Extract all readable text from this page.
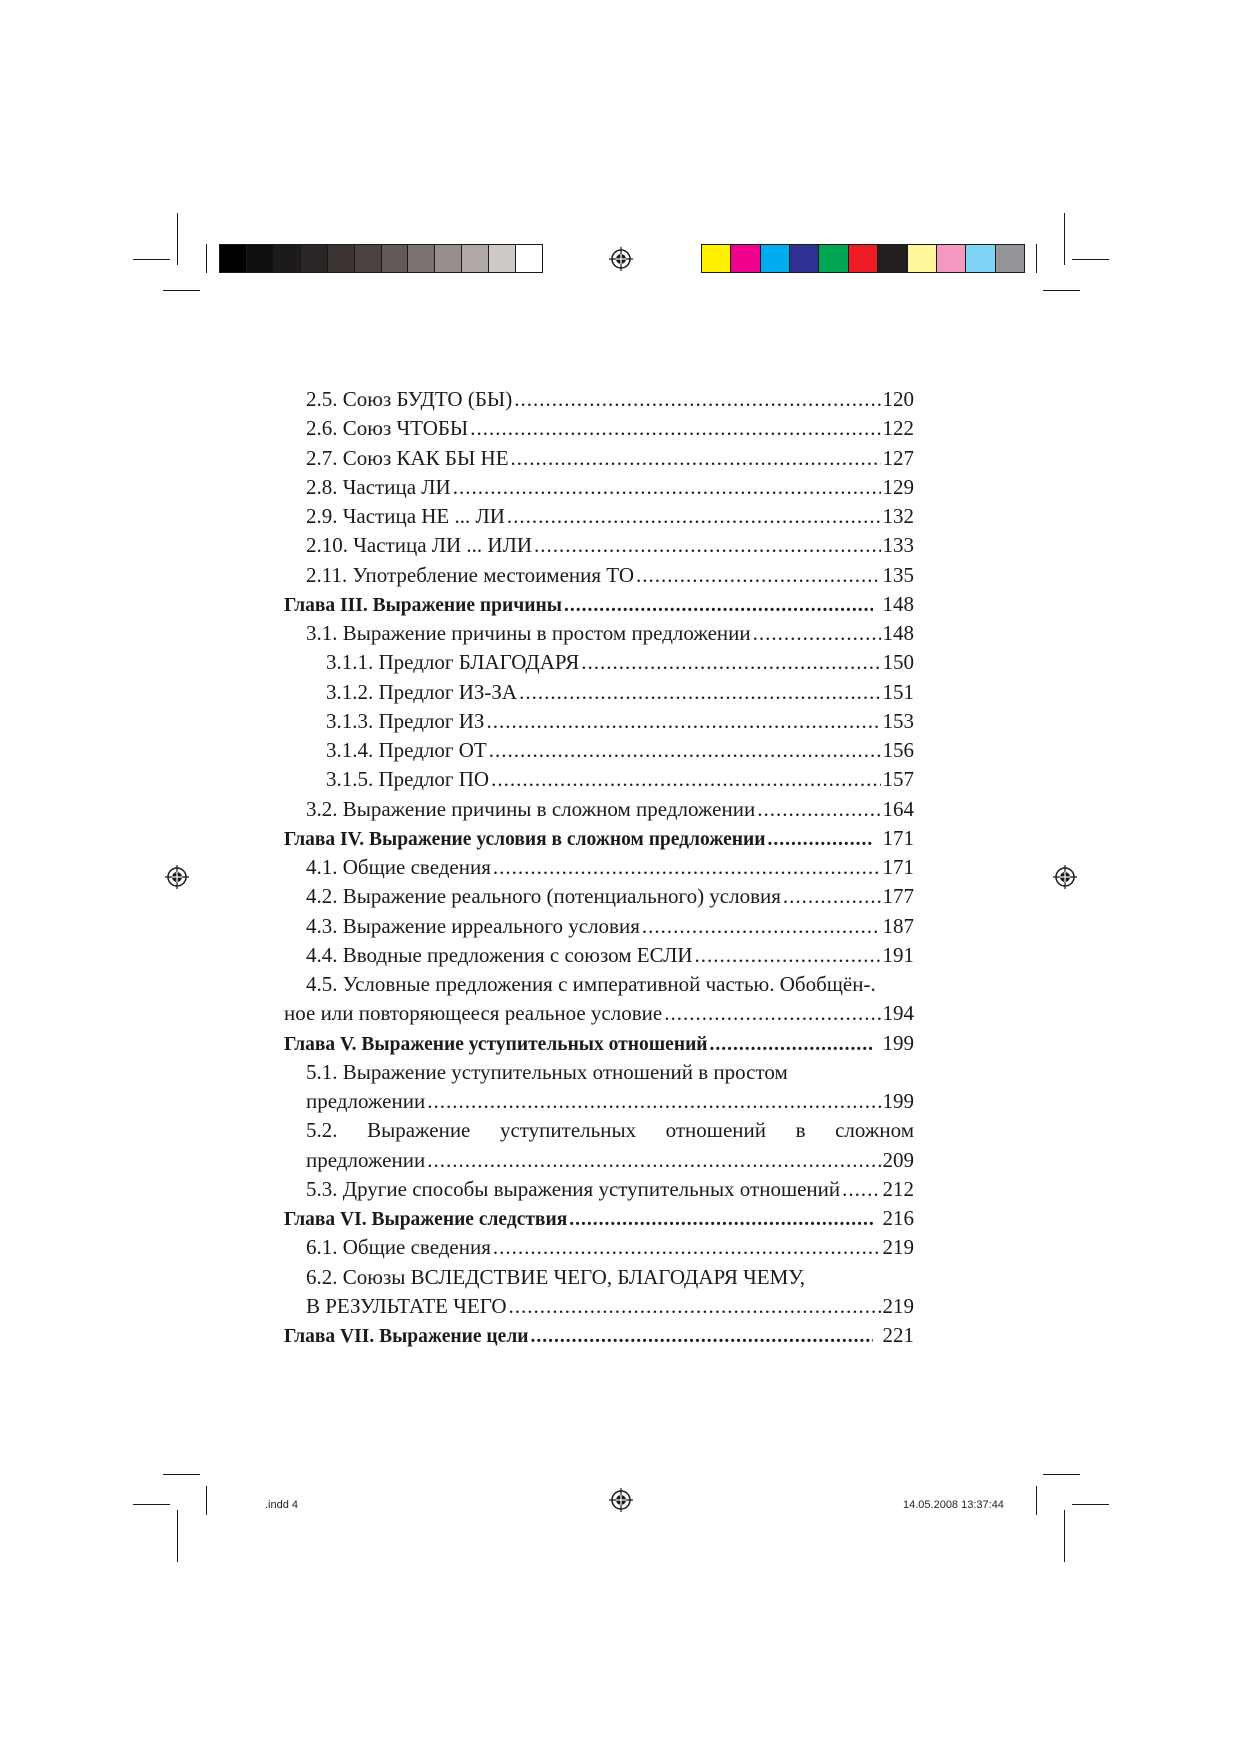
2.5. Союз БУДТО (БЫ) .....	120
2.6. Союз ЧТОБЫ .....	122
2.7. Союз КАК БЫ НЕ .....	127
2.8. Частица ЛИ .....	129
2.9. Частица НЕ ... ЛИ .....	132
2.10. Частица ЛИ ... ИЛИ .....	133
2.11. Употребление местоимения ТО .....	135
Глава III. Выражение причины .....	148
3.1. Выражение причины в простом предложении .....	148
3.1.1. Предлог БЛАГОДАРЯ .....	150
3.1.2. Предлог ИЗ-ЗА .....	151
3.1.3. Предлог ИЗ .....	153
3.1.4. Предлог ОТ .....	156
3.1.5. Предлог ПО .....	157
3.2. Выражение причины в сложном предложении .....	164
Глава IV. Выражение условия в сложном предложении .....	171
4.1. Общие сведения .....	171
4.2. Выражение реального (потенциального) условия .....	177
4.3. Выражение ирреального условия .....	187
4.4. Вводные предложения с союзом ЕСЛИ .....	191
4.5. Условные предложения с императивной частью. Обобщён-.
ное или повторяющееся реальное условие .....	194
Глава V. Выражение уступительных отношений .....	199
5.1. Выражение уступительных отношений в простом
предложении .....	199
5.2. Выражение уступительных отношений в сложном
предложении .....	209
5.3. Другие способы выражения уступительных отношений ..... 212
Глава VI. Выражение следствия .....	216
6.1. Общие сведения .....	219
6.2. Союзы ВСЛЕДСТВИЕ ЧЕГО, БЛАГОДАРЯ ЧЕМУ,
В РЕЗУЛЬТАТЕ ЧЕГО .....	219
Глава VII. Выражение цели .....	221
.indd 4	14.05.2008 13:37:44
